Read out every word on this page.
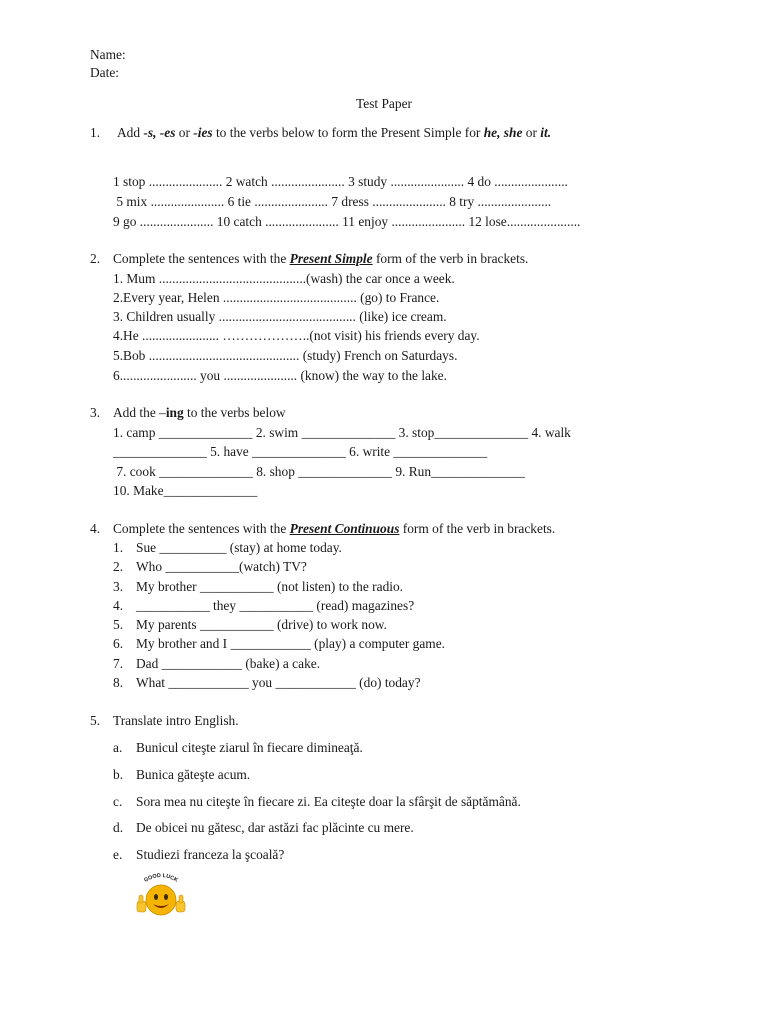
Name:
Date:
Test Paper
1. Add -s, -es or -ies to the verbs below to form the Present Simple for he, she or it.
1 stop ...................... 2 watch ...................... 3 study ...................... 4 do ......................
5 mix ...................... 6 tie ...................... 7 dress ...................... 8 try ......................
9 go ...................... 10 catch ...................... 11 enjoy ...................... 12 lose......................
2. Complete the sentences with the Present Simple form of the verb in brackets.
1. Mum ............................................(wash) the car once a week.
2.Every year, Helen ........................................ (go) to France.
3. Children usually ......................................... (like) ice cream.
4.He ....................... ………………..(not visit) his friends every day.
5.Bob ............................................. (study) French on Saturdays.
6....................... you ...................... (know) the way to the lake.
3. Add the –ing to the verbs below
1. camp ______________ 2. swim ______________ 3. stop______________ 4. walk
______________ 5. have ______________ 6. write ______________
7. cook ______________ 8. shop ______________ 9. Run______________
10. Make______________
4. Complete the sentences with the Present Continuous form of the verb in brackets.
1. Sue __________ (stay) at home today.
2. Who ___________(watch) TV?
3. My brother ___________ (not listen) to the radio.
4. ___________ they ___________ (read) magazines?
5. My parents ___________ (drive) to work now.
6. My brother and I ____________ (play) a computer game.
7. Dad ____________ (bake) a cake.
8. What ____________ you ____________ (do) today?
5. Translate intro English.
a. Bunicul citeşte ziarul în fiecare dimineaţă.
b. Bunica găteşte acum.
c. Sora mea nu citeşte în fiecare zi. Ea citeşte doar la sfârşit de săptămână.
d. De obicei nu gătesc, dar astăzi fac plăcinte cu mere.
e. Studiezi franceza la şcoală?
GOOD LUCK
